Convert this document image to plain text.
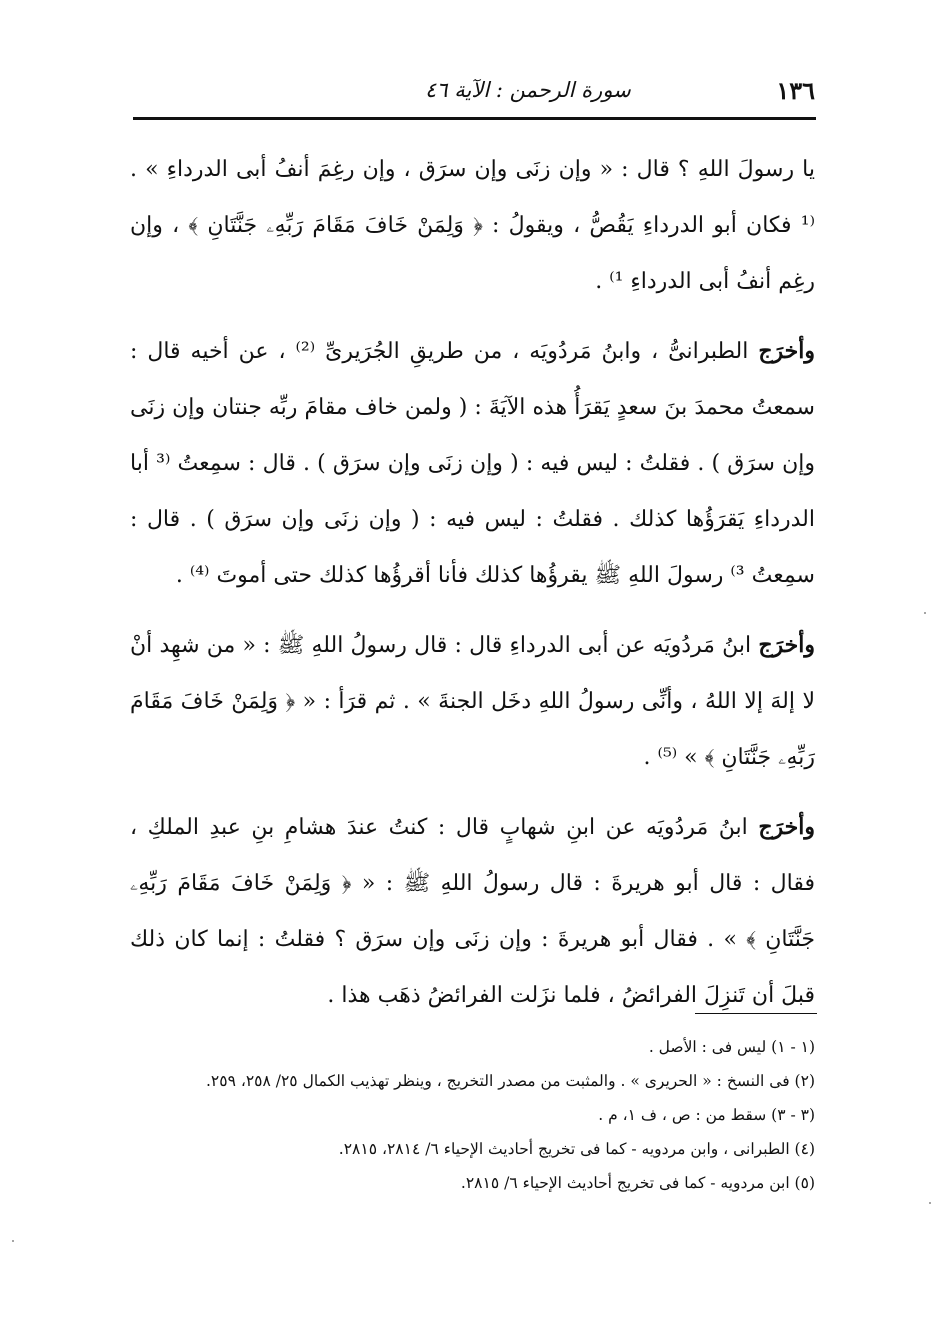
١٣٦
سورة الرحمن : الآية ٤٦

يا رسولَ اللهِ ؟ قال : « وإن زنَى وإن سرَق ، وإن رغِمَ أنفُ أبى الدرداءِ » . ⁽¹ فكان أبو الدرداءِ يَقُصُّ ، ويقولُ : ﴿ وَلِمَنْ خَافَ مَقَامَ رَبِّهِۦ جَنَّتَانِ ﴾ ، وإن رغِم أنفُ أبى الدرداءِ ¹⁾ .

وأخرَج الطبرانىُّ ، وابنُ مَردُويَه ، من طريقِ الجُرَيرىِّ ⁽²⁾ ، عن أخيه قال : سمعتُ محمدَ بنَ سعدٍ يَقرَأُ هذه الآيَةَ : ( ولمن خاف مقامَ ربِّه جنتان وإن زنَى وإن سرَق ) . فقلتُ : ليس فيه : ( وإن زنَى وإن سرَق ) . قال : سمِعتُ ⁽³ أبا الدرداءِ يَقرَؤُها كذلك . فقلتُ : ليس فيه : ( وإن زنَى وإن سرَق ) . قال : سمِعتُ ³⁾ رسولَ اللهِ ﷺ يقرؤُها كذلك فأنا أقرؤُها كذلك حتى أموتَ ⁽⁴⁾ .

وأخرَج ابنُ مَردُويَه عن أبى الدرداءِ قال : قال رسولُ اللهِ ﷺ : « من شهِد أنْ لا إلهَ إلا اللهُ ، وأنِّى رسولُ اللهِ دخَل الجنةَ » . ثم قرَأ : « ﴿ وَلِمَنْ خَافَ مَقَامَ رَبِّهِۦ جَنَّتَانِ ﴾ » ⁽⁵⁾ .

وأخرَج ابنُ مَردُويَه عن ابنِ شهابٍ قال : كنتُ عندَ هشامِ بنِ عبدِ الملكِ ، فقال : قال أبو هريرةَ : قال رسولُ اللهِ ﷺ : « ﴿ وَلِمَنْ خَافَ مَقَامَ رَبِّهِۦ جَنَّتَانِ ﴾ » . فقال أبو هريرةَ : وإن زنَى وإن سرَق ؟ فقلتُ : إنما كان ذلك قبلَ أن تَنزِلَ الفرائضُ ، فلما نزَلت الفرائضُ ذهَب هذا .

(١ - ١) ليس فى : الأصل .
(٢) فى النسخ : « الحريرى » . والمثبت من مصدر التخريج ، وينظر تهذيب الكمال ٢٥/ ٢٥٨، ٢٥٩.
(٣ - ٣) سقط من : ص ، ف ١، م .
(٤) الطبرانى ، وابن مردويه - كما فى تخريج أحاديث الإحياء ٦/ ٢٨١٤، ٢٨١٥.
(٥) ابن مردويه - كما فى تخريج أحاديث الإحياء ٦/ ٢٨١٥.
